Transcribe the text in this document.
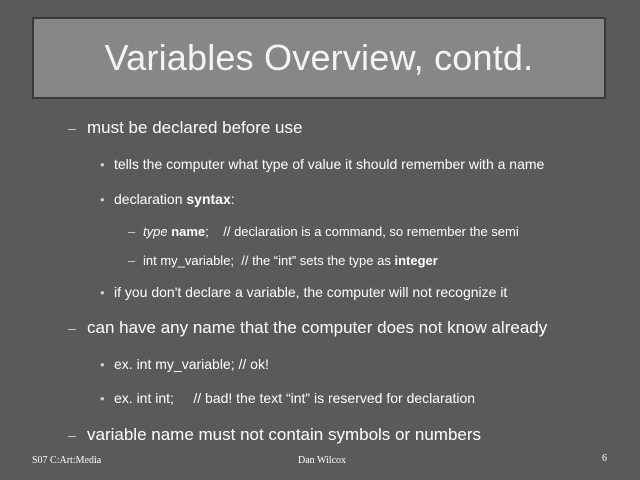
Variables Overview, contd.
– must be declared before use
• tells the computer what type of value it should remember with a name
• declaration syntax:
– type name;    // declaration is a command, so remember the semi
– int my_variable;  // the “int” sets the type as integer
• if you don't declare a variable, the computer will not recognize it
– can have any name that the computer does not know already
• ex. int my_variable; // ok!
• ex. int int;     // bad! the text “int” is reserved for declaration
– variable name must not contain symbols or numbers
S07 C:Art:Media	Dan Wilcox	6
